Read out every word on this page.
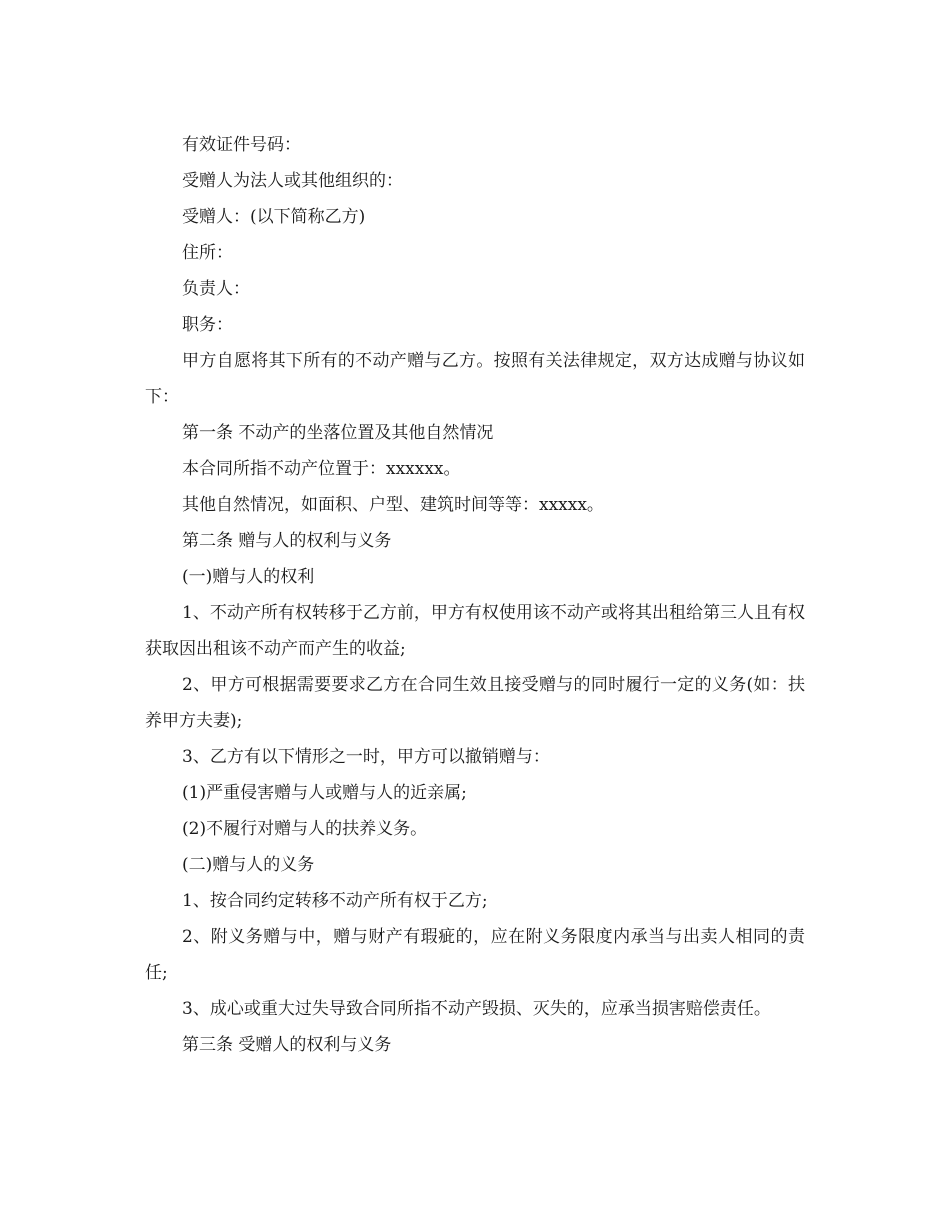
有效证件号码：

受赠人为法人或其他组织的：

受赠人：(以下简称乙方)

住所：

负责人：

职务：

甲方自愿将其下所有的不动产赠与乙方。按照有关法律规定，双方达成赠与协议如下：

第一条 不动产的坐落位置及其他自然情况

本合同所指不动产位置于：xxxxxx。

其他自然情况，如面积、户型、建筑时间等等：xxxxx。

第二条 赠与人的权利与义务

(一)赠与人的权利

1、不动产所有权转移于乙方前，甲方有权使用该不动产或将其出租给第三人且有权获取因出租该不动产而产生的收益;

2、甲方可根据需要要求乙方在合同生效且接受赠与的同时履行一定的义务(如：扶养甲方夫妻);

3、乙方有以下情形之一时，甲方可以撤销赠与：

(1)严重侵害赠与人或赠与人的近亲属;

(2)不履行对赠与人的扶养义务。

(二)赠与人的义务

1、按合同约定转移不动产所有权于乙方;

2、附义务赠与中，赠与财产有瑕疵的，应在附义务限度内承当与出卖人相同的责任;

3、成心或重大过失导致合同所指不动产毁损、灭失的，应承当损害赔偿责任。

第三条 受赠人的权利与义务
